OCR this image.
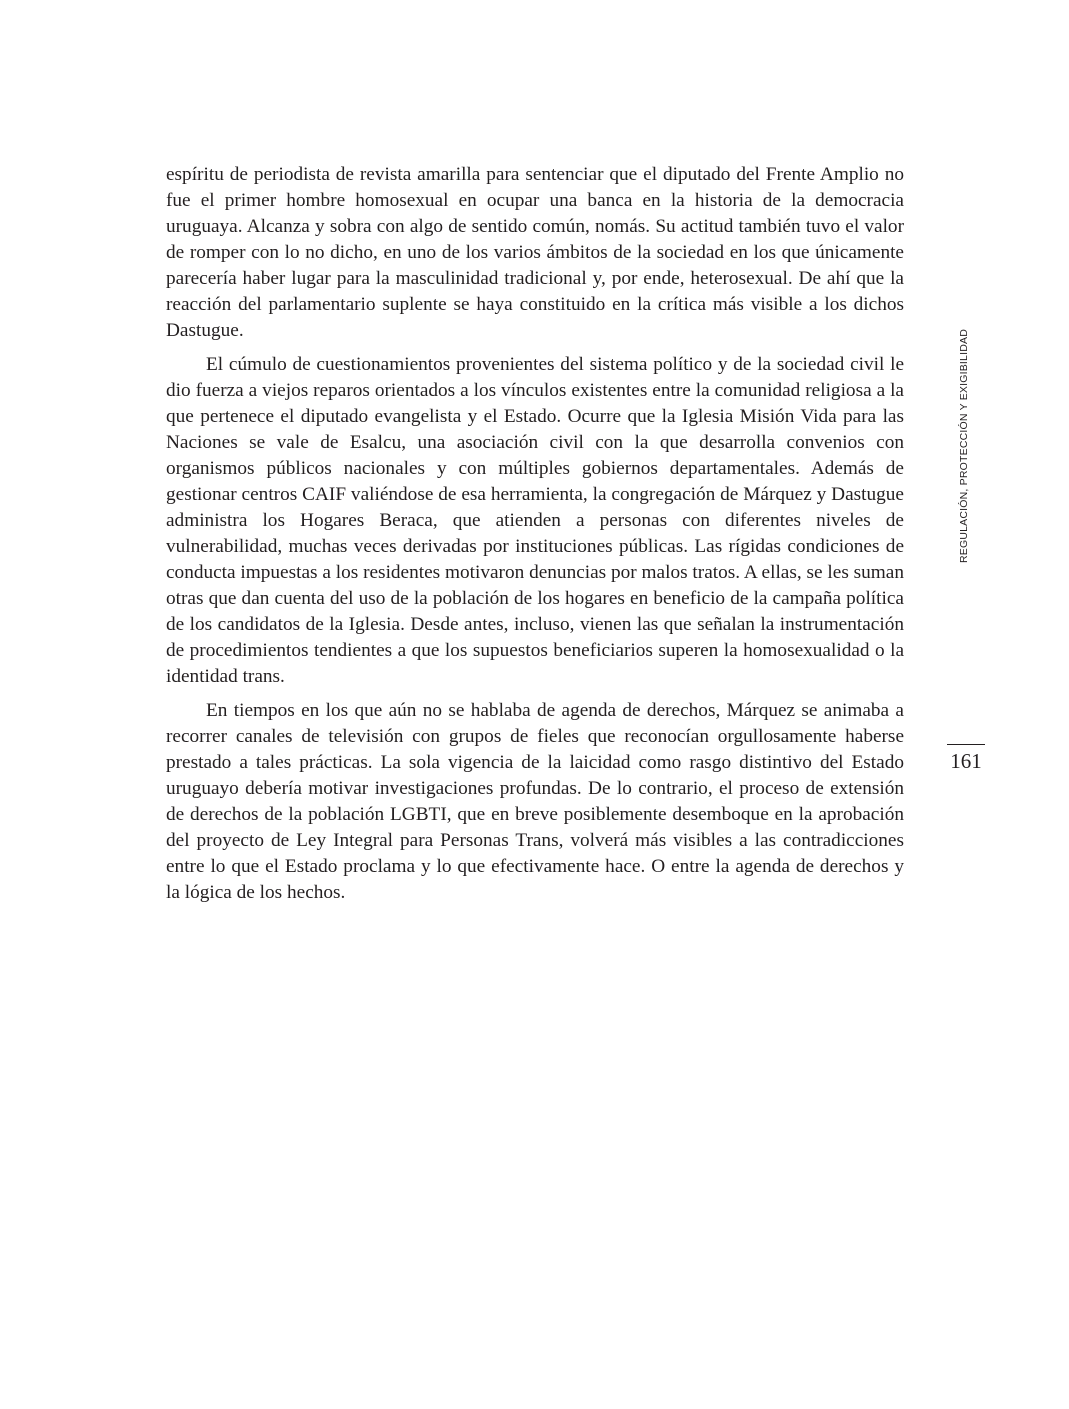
espíritu de periodista de revista amarilla para sentenciar que el diputado del Frente Amplio no fue el primer hombre homosexual en ocupar una banca en la historia de la democracia uruguaya. Alcanza y sobra con algo de sentido común, nomás. Su actitud también tuvo el valor de romper con lo no dicho, en uno de los varios ámbitos de la sociedad en los que únicamente parecería haber lugar para la masculinidad tradicional y, por ende, heterosexual. De ahí que la reacción del parlamentario suplente se haya constituido en la crítica más visible a los dichos Dastugue.

El cúmulo de cuestionamientos provenientes del sistema político y de la sociedad civil le dio fuerza a viejos reparos orientados a los vínculos existentes entre la comunidad religiosa a la que pertenece el diputado evangelista y el Estado. Ocurre que la Iglesia Misión Vida para las Naciones se vale de Esalcu, una asociación civil con la que desarrolla convenios con organismos públicos nacionales y con múltiples gobiernos departamentales. Además de gestionar centros CAIF valiéndose de esa herramienta, la congregación de Márquez y Dastugue administra los Hogares Beraca, que atienden a personas con diferentes niveles de vulnerabilidad, muchas veces derivadas por instituciones públicas. Las rígidas condiciones de conducta impuestas a los residentes motivaron denuncias por malos tratos. A ellas, se les suman otras que dan cuenta del uso de la población de los hogares en beneficio de la campaña política de los candidatos de la Iglesia. Desde antes, incluso, vienen las que señalan la instrumentación de procedimientos tendientes a que los supuestos beneficiarios superen la homosexualidad o la identidad trans.

En tiempos en los que aún no se hablaba de agenda de derechos, Márquez se animaba a recorrer canales de televisión con grupos de fieles que reconocían orgullosamente haberse prestado a tales prácticas. La sola vigencia de la laicidad como rasgo distintivo del Estado uruguayo debería motivar investigaciones profundas. De lo contrario, el proceso de extensión de derechos de la población LGBTI, que en breve posiblemente desemboque en la aprobación del proyecto de Ley Integral para Personas Trans, volverá más visibles a las contradicciones entre lo que el Estado proclama y lo que efectivamente hace. O entre la agenda de derechos y la lógica de los hechos.

REGULACIÓN, PROTECCIÓN Y EXIGIBILIDAD
161
